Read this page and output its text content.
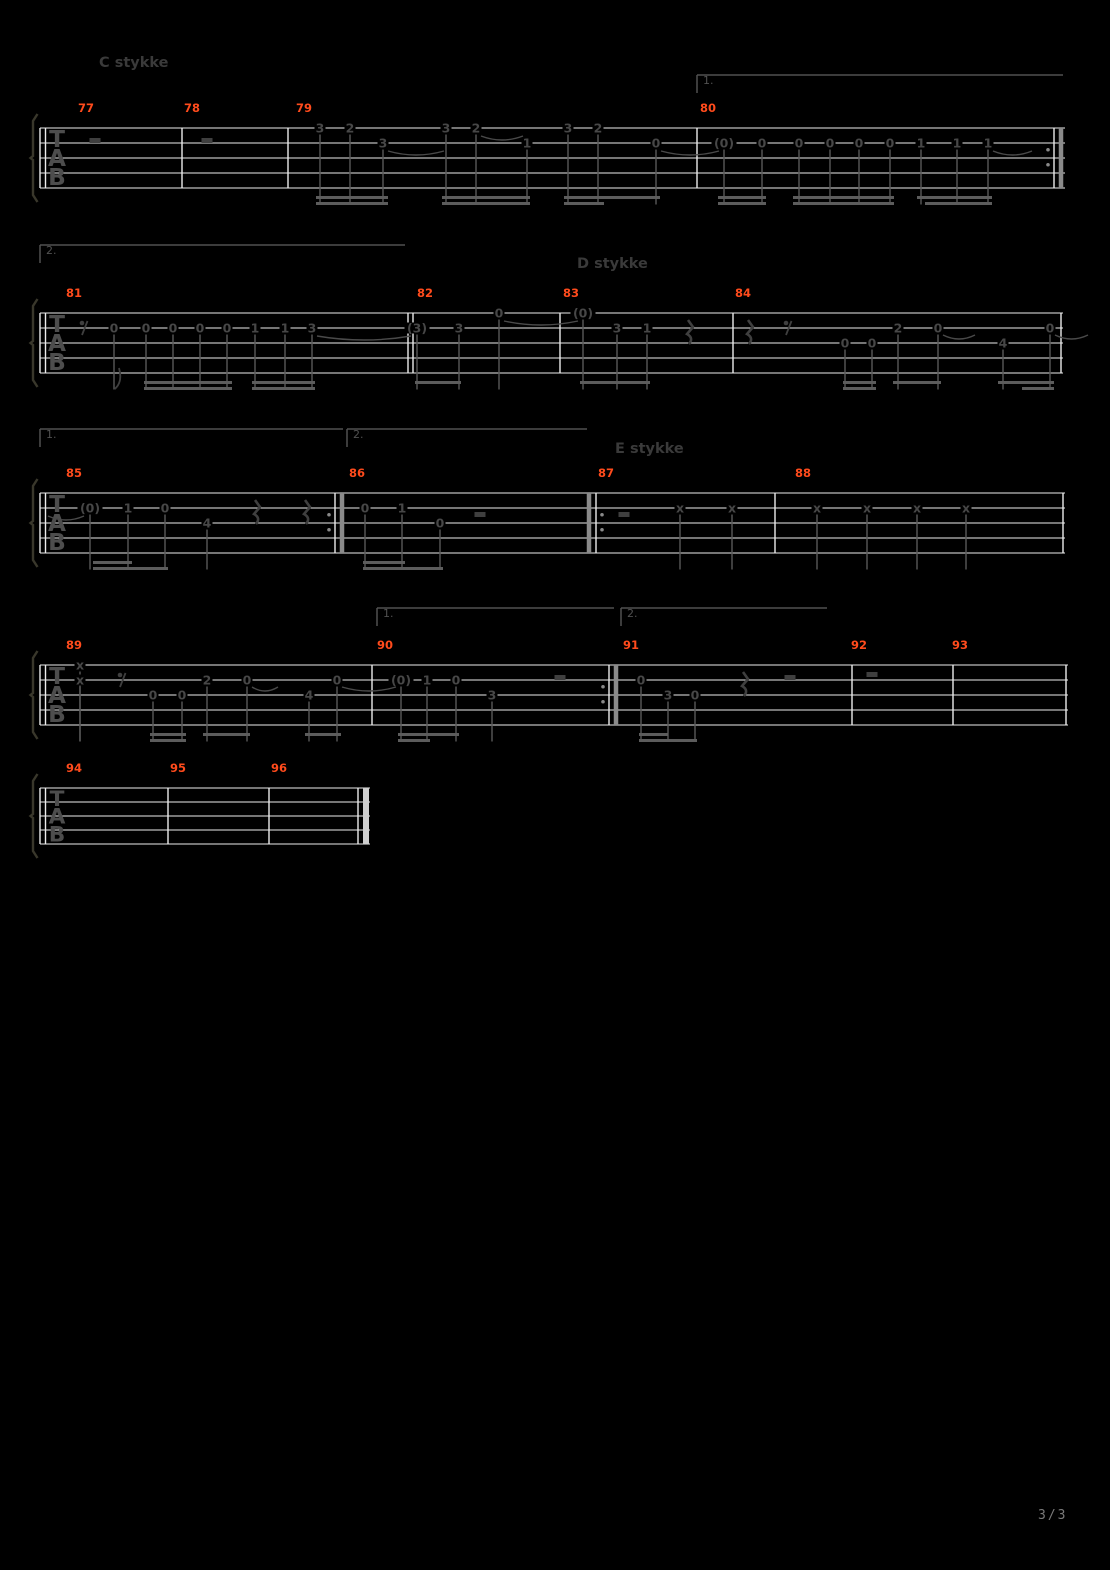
T
A
B
C stykke
1.
77	78	79	80
3 2
3
3 2
1
3 2
0	(0) 0 0 0 0 0 1 1 1
T
A
B
D stykke
2.
81	82	83	84
0 0 0 0 0 1 1 3	(3) 3
0	(0)
3 1
0 0
2	0
4
0
T
A
B
E stykke
1.	2.
85	86	87	88
(0) 1 0
4
0 1
0
x	x	x	x	x	x
T
A
B
1.	2.
89	90	91	92	93
x
x
0 0
2	0
4
0	(0) 1 0
3
0
3 0
T
A
B
94	95	96
3/3
